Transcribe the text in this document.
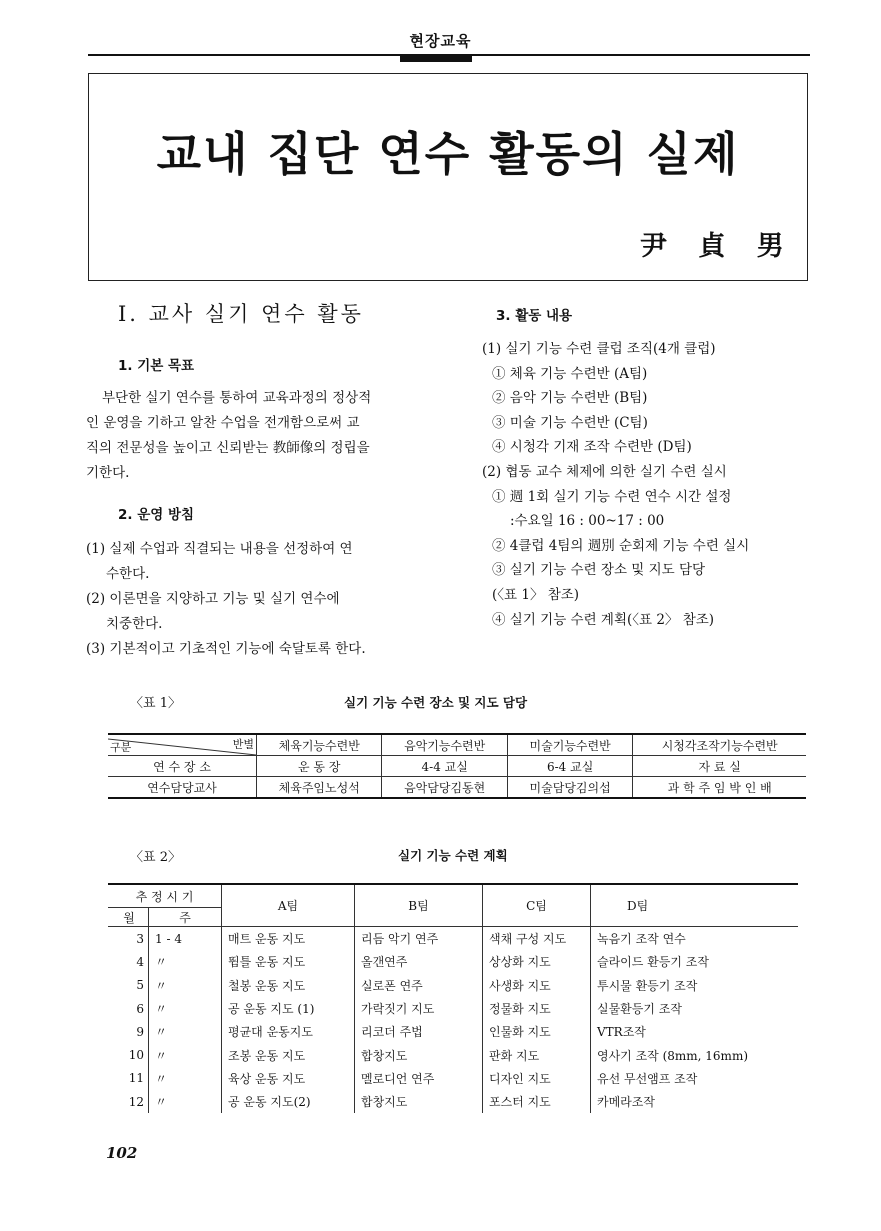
현장교육
교내 집단 연수 활동의 실제
尹 貞 男
Ⅰ. 교사 실기 연수 활동
1. 기본 목표
부단한 실기 연수를 통하여 교육과정의 정상적
인 운영을 기하고 알찬 수업을 전개함으로써 교
직의 전문성을 높이고 신뢰받는 教師像의 정립을
기한다.
2. 운영 방침
(1) 실제 수업과 직결되는 내용을 선정하여 연
수한다.
(2) 이론면을 지양하고 기능 및 실기 연수에
치중한다.
(3) 기본적이고 기초적인 기능에 숙달토록 한다.
3. 활동 내용
(1) 실기 기능 수련 클럽 조직(4개 클럽)
① 체육 기능 수련반 (A팀)
② 음악 기능 수련반 (B팀)
③ 미술 기능 수련반 (C팀)
④ 시청각 기재 조작 수련반 (D팀)
(2) 협동 교수 체제에 의한 실기 수련 실시
① 週 1회 실기 기능 수련 연수 시간 설정
:수요일 16 : 00~17 : 00
② 4클럽 4팀의 週別 순회제 기능 수련 실시
③ 실기 기능 수련 장소 및 지도 담당
(〈표 1〉 참조)
④ 실기 기능 수련 계획(〈표 2〉 참조)
〈표 1〉	실기 기능 수련 장소 및 지도 담당
구분 반별	체육기능수련반	음악기능수련반	미술기능수련반	시청각조작기능수련반
연 수 장 소	운 동 장	4-4 교실	6-4 교실	자 료 실
연수담당교사	체육주임노성석	음악담당김동현	미술담당김의섭	과 학 주 임 박 인 배
〈표 2〉	실기 기능 수련 계획
추 정 시 기		A팀	B팀	C팀	D팀
월	주				
3	1 - 4	매트 운동 지도	리듬 악기 연주	색채 구성 지도	녹음기 조작 연수
4	〃	뜀틀 운동 지도	올갠연주	상상화 지도	슬라이드 환등기 조작
5	〃	철봉 운동 지도	실로폰 연주	사생화 지도	투시물 환등기 조작
6	〃	공 운동 지도 (1)	가락짓기 지도	정물화 지도	실물환등기 조작
9	〃	평균대 운동지도	리코더 주법	인물화 지도	VTR조작
10	〃	조봉 운동 지도	합창지도	판화 지도	영사기 조작 (8mm, 16mm)
11	〃	육상 운동 지도	멜로디언 연주	디자인 지도	유선 무선앰프 조작
12	〃	공 운동 지도(2)	합창지도	포스터 지도	카메라조작
102
